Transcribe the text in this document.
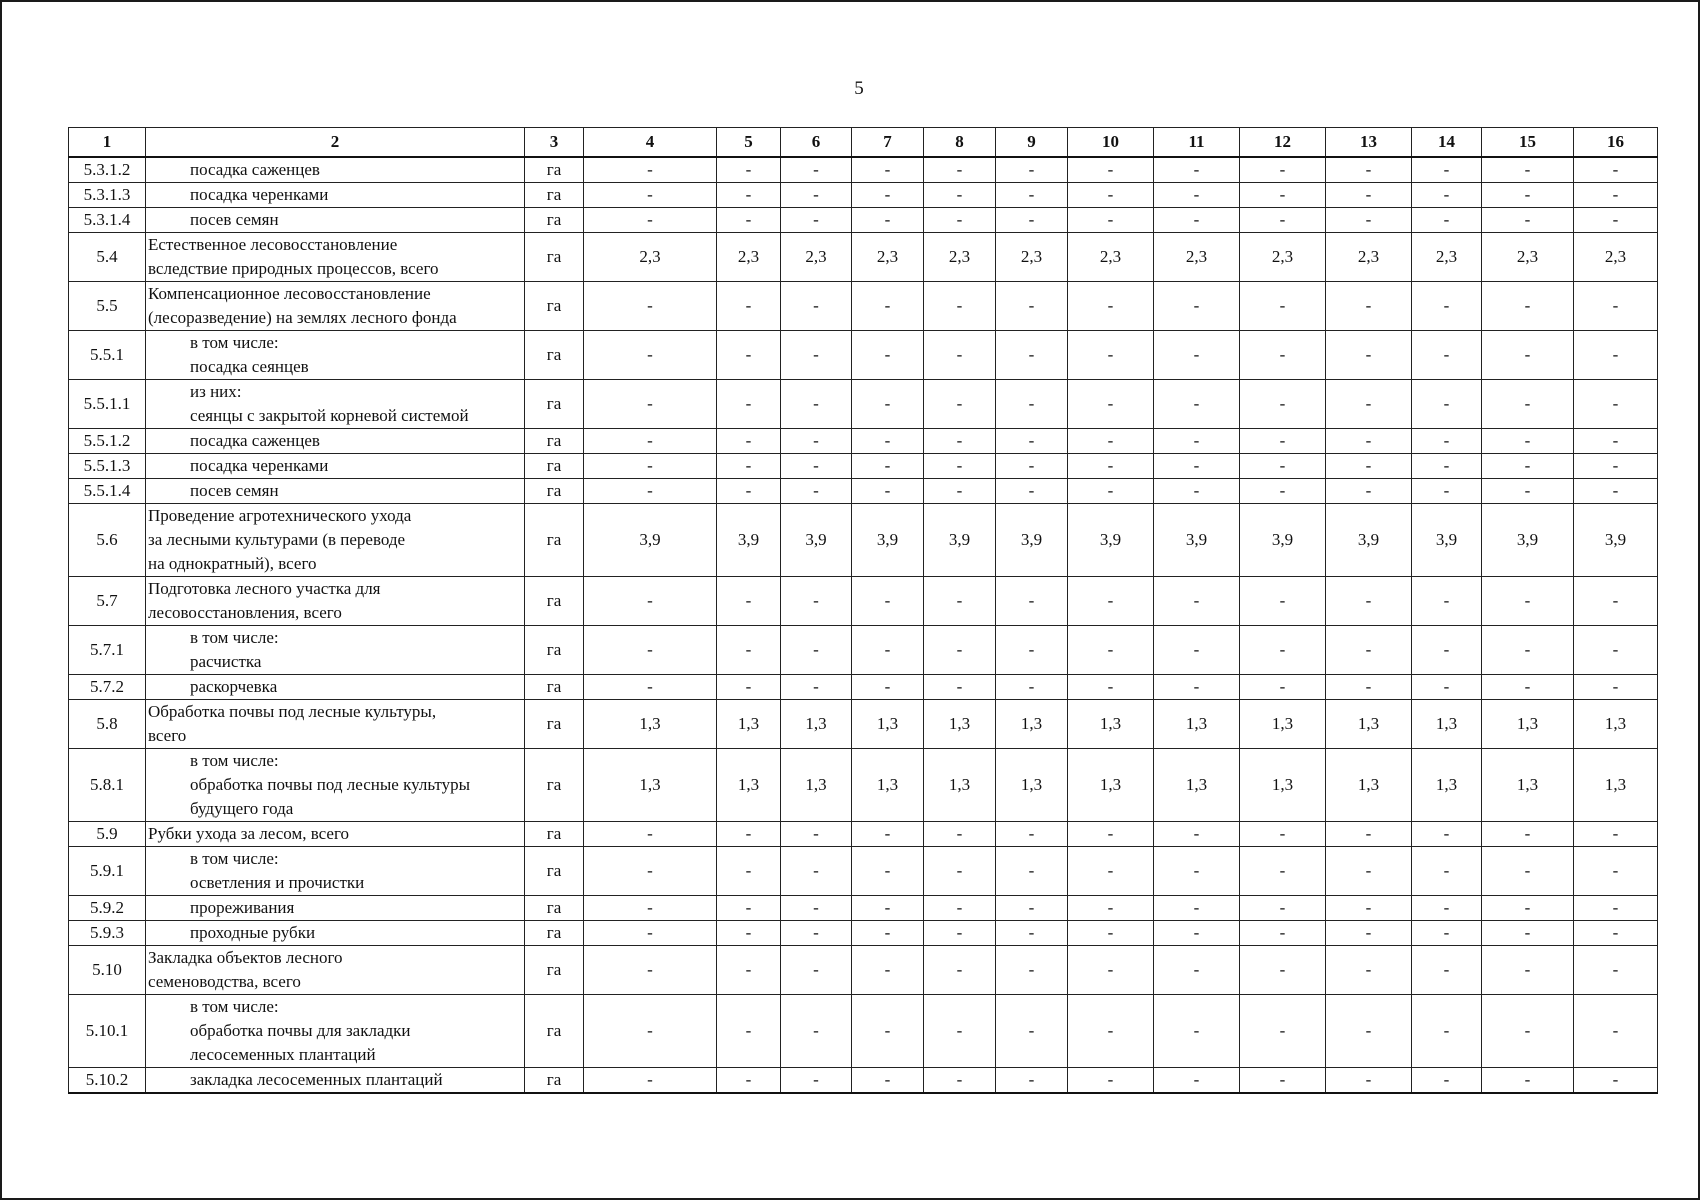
5
1	2	3	4	5	6	7	8	9	10	11	12	13	14	15	16
5.3.1.2	посадка саженцев	га	-	-	-	-	-	-	-	-	-	-	-	-	-
5.3.1.3	посадка черенками	га	-	-	-	-	-	-	-	-	-	-	-	-	-
5.3.1.4	посев семян	га	-	-	-	-	-	-	-	-	-	-	-	-	-
5.4	Естественное лесовосстановление
вследствие природных процессов, всего	га	2,3	2,3	2,3	2,3	2,3	2,3	2,3	2,3	2,3	2,3	2,3	2,3	2,3
5.5	Компенсационное лесовосстановление
(лесоразведение) на землях лесного фонда	га	-	-	-	-	-	-	-	-	-	-	-	-	-
5.5.1	в том числе:
посадка сеянцев	га	-	-	-	-	-	-	-	-	-	-	-	-	-
5.5.1.1	из них:
сеянцы с закрытой корневой системой	га	-	-	-	-	-	-	-	-	-	-	-	-	-
5.5.1.2	посадка саженцев	га	-	-	-	-	-	-	-	-	-	-	-	-	-
5.5.1.3	посадка черенками	га	-	-	-	-	-	-	-	-	-	-	-	-	-
5.5.1.4	посев семян	га	-	-	-	-	-	-	-	-	-	-	-	-	-
5.6	Проведение агротехнического ухода
за лесными культурами (в переводе
на однократный), всего	га	3,9	3,9	3,9	3,9	3,9	3,9	3,9	3,9	3,9	3,9	3,9	3,9	3,9
5.7	Подготовка лесного участка для
лесовосстановления, всего	га	-	-	-	-	-	-	-	-	-	-	-	-	-
5.7.1	в том числе:
расчистка	га	-	-	-	-	-	-	-	-	-	-	-	-	-
5.7.2	раскорчевка	га	-	-	-	-	-	-	-	-	-	-	-	-	-
5.8	Обработка почвы под лесные культуры,
всего	га	1,3	1,3	1,3	1,3	1,3	1,3	1,3	1,3	1,3	1,3	1,3	1,3	1,3
5.8.1	в том числе:
обработка почвы под лесные культуры
будущего года	га	1,3	1,3	1,3	1,3	1,3	1,3	1,3	1,3	1,3	1,3	1,3	1,3	1,3
5.9	Рубки ухода за лесом, всего	га	-	-	-	-	-	-	-	-	-	-	-	-	-
5.9.1	в том числе:
осветления и прочистки	га	-	-	-	-	-	-	-	-	-	-	-	-	-
5.9.2	прореживания	га	-	-	-	-	-	-	-	-	-	-	-	-	-
5.9.3	проходные рубки	га	-	-	-	-	-	-	-	-	-	-	-	-	-
5.10	Закладка объектов лесного
семеноводства, всего	га	-	-	-	-	-	-	-	-	-	-	-	-	-
5.10.1	в том числе:
обработка почвы для закладки
лесосеменных плантаций	га	-	-	-	-	-	-	-	-	-	-	-	-	-
5.10.2	закладка лесосеменных плантаций	га	-	-	-	-	-	-	-	-	-	-	-	-	-
